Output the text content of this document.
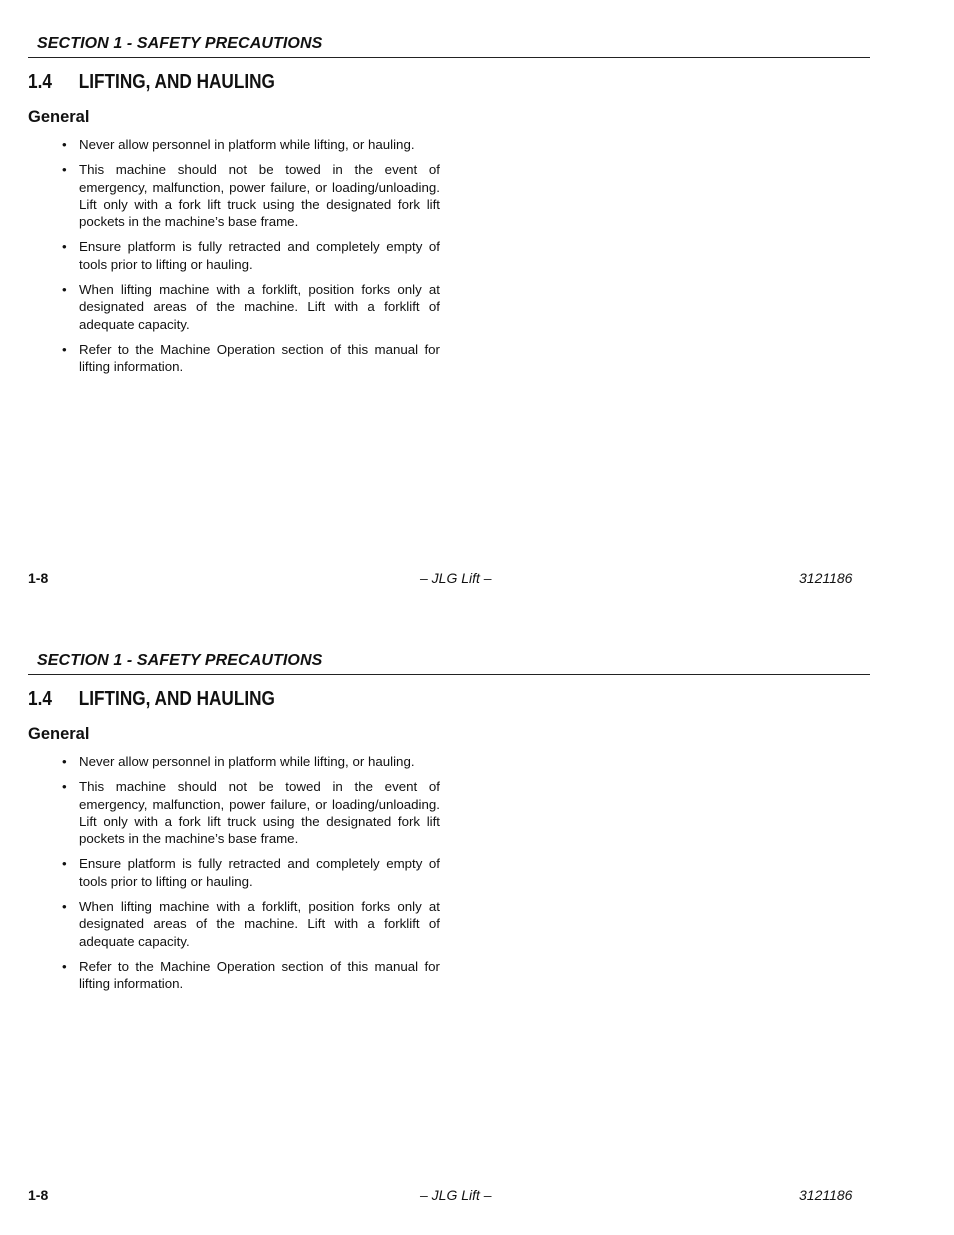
SECTION 1 - SAFETY PRECAUTIONS
1.4 LIFTING, AND HAULING
General
• Never allow personnel in platform while lifting, or hauling.
• This machine should not be towed in the event of emergency, malfunction, power failure, or loading/unloading. Lift only with a fork lift truck using the designated fork lift pockets in the machine’s base frame.
• Ensure platform is fully retracted and completely empty of tools prior to lifting or hauling.
• When lifting machine with a forklift, position forks only at designated areas of the machine. Lift with a forklift of adequate capacity.
• Refer to the Machine Operation section of this manual for lifting information.
1-8	– JLG Lift –	3121186
SECTION 1 - SAFETY PRECAUTIONS
1.4 LIFTING, AND HAULING
General
• Never allow personnel in platform while lifting, or hauling.
• This machine should not be towed in the event of emergency, malfunction, power failure, or loading/unloading. Lift only with a fork lift truck using the designated fork lift pockets in the machine’s base frame.
• Ensure platform is fully retracted and completely empty of tools prior to lifting or hauling.
• When lifting machine with a forklift, position forks only at designated areas of the machine. Lift with a forklift of adequate capacity.
• Refer to the Machine Operation section of this manual for lifting information.
1-8	– JLG Lift –	3121186
